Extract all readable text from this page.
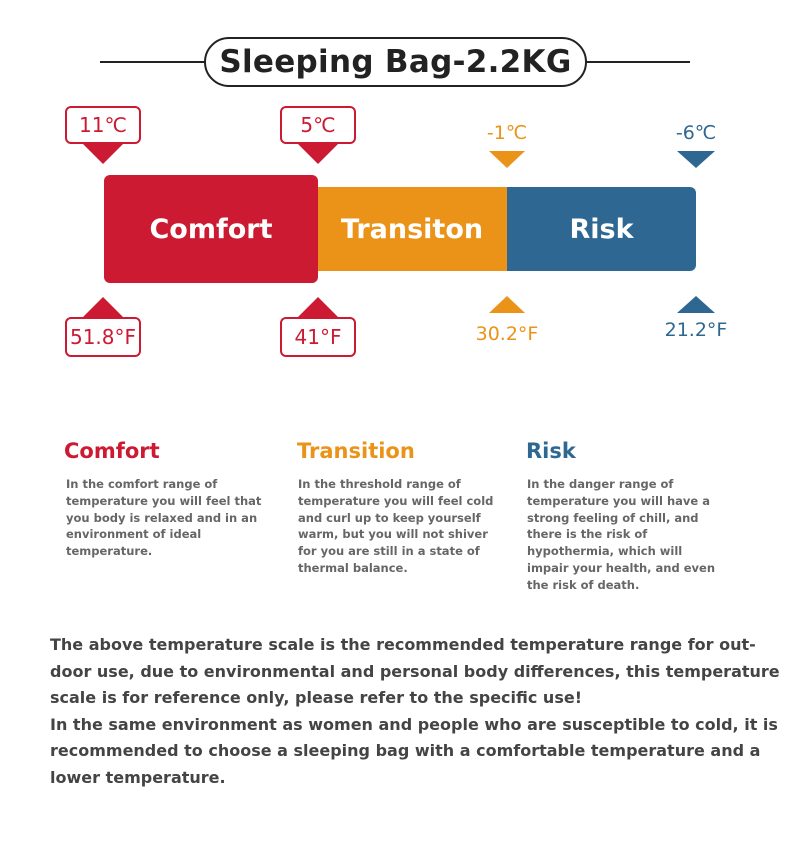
Sleeping Bag-2.2KG
11℃	5℃	-1℃	-6℃
Transiton	Risk
Comfort
51.8°F	41°F	30.2°F	21.2°F
Comfort
In the comfort range of
temperature you will feel that
you body is relaxed and in an
environment of ideal
temperature.
Transition
In the threshold range of
temperature you will feel cold
and curl up to keep yourself
warm, but you will not shiver
for you are still in a state of
thermal balance.
Risk
In the danger range of
temperature you will have a
strong feeling of chill, and
there is the risk of
hypothermia, which will
impair your health, and even
the risk of death.

The above temperature scale is the recommended temperature range for out-

door use, due to environmental and personal body differences, this temperature

scale is for reference only, please refer to the specific use!

In the same environment as women and people who are susceptible to cold, it is

recommended to choose a sleeping bag with a comfortable temperature and a

lower temperature.
